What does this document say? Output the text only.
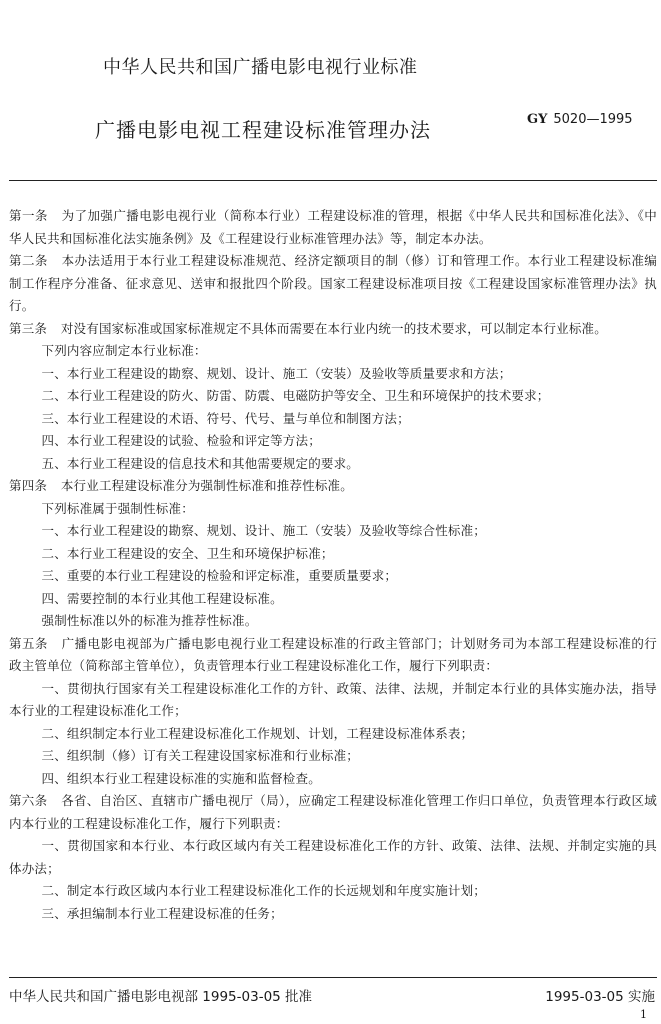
中华人民共和国广播电影电视行业标准
广播电影电视工程建设标准管理办法	GY 5020—1995

第一条 为了加强广播电影电视行业（简称本行业）工程建设标准的管理，根据《中华人民共和国标准化法》、《中华人民共和国标准化法实施条例》及《工程建设行业标准管理办法》等，制定本办法。

第二条 本办法适用于本行业工程建设标准规范、经济定额项目的制（修）订和管理工作。本行业工程建设标准编制工作程序分准备、征求意见、送审和报批四个阶段。国家工程建设标准项目按《工程建设国家标准管理办法》执行。

第三条 对没有国家标准或国家标准规定不具体而需要在本行业内统一的技术要求，可以制定本行业标准。

下列内容应制定本行业标准：

一、本行业工程建设的勘察、规划、设计、施工（安装）及验收等质量要求和方法；

二、本行业工程建设的防火、防雷、防震、电磁防护等安全、卫生和环境保护的技术要求；

三、本行业工程建设的术语、符号、代号、量与单位和制图方法；

四、本行业工程建设的试验、检验和评定等方法；

五、本行业工程建设的信息技术和其他需要规定的要求。

第四条 本行业工程建设标准分为强制性标准和推荐性标准。

下列标准属于强制性标准：

一、本行业工程建设的勘察、规划、设计、施工（安装）及验收等综合性标准；

二、本行业工程建设的安全、卫生和环境保护标准；

三、重要的本行业工程建设的检验和评定标准，重要质量要求；

四、需要控制的本行业其他工程建设标准。

强制性标准以外的标准为推荐性标准。

第五条 广播电影电视部为广播电影电视行业工程建设标准的行政主管部门；计划财务司为本部工程建设标准的行政主管单位（简称部主管单位），负责管理本行业工程建设标准化工作，履行下列职责：

一、贯彻执行国家有关工程建设标准化工作的方针、政策、法律、法规，并制定本行业的具体实施办法，指导本行业的工程建设标准化工作；

二、组织制定本行业工程建设标准化工作规划、计划，工程建设标准体系表；

三、组织制（修）订有关工程建设国家标准和行业标准；

四、组织本行业工程建设标准的实施和监督检查。

第六条 各省、自治区、直辖市广播电视厅（局），应确定工程建设标准化管理工作归口单位，负责管理本行政区域内本行业的工程建设标准化工作，履行下列职责：

一、贯彻国家和本行业、本行政区域内有关工程建设标准化工作的方针、政策、法律、法规、并制定实施的具体办法；

二、制定本行政区域内本行业工程建设标准化工作的长远规划和年度实施计划；

三、承担编制本行业工程建设标准的任务；

中华人民共和国广播电影电视部 1995-03-05 批准	1995-03-05 实施
1
